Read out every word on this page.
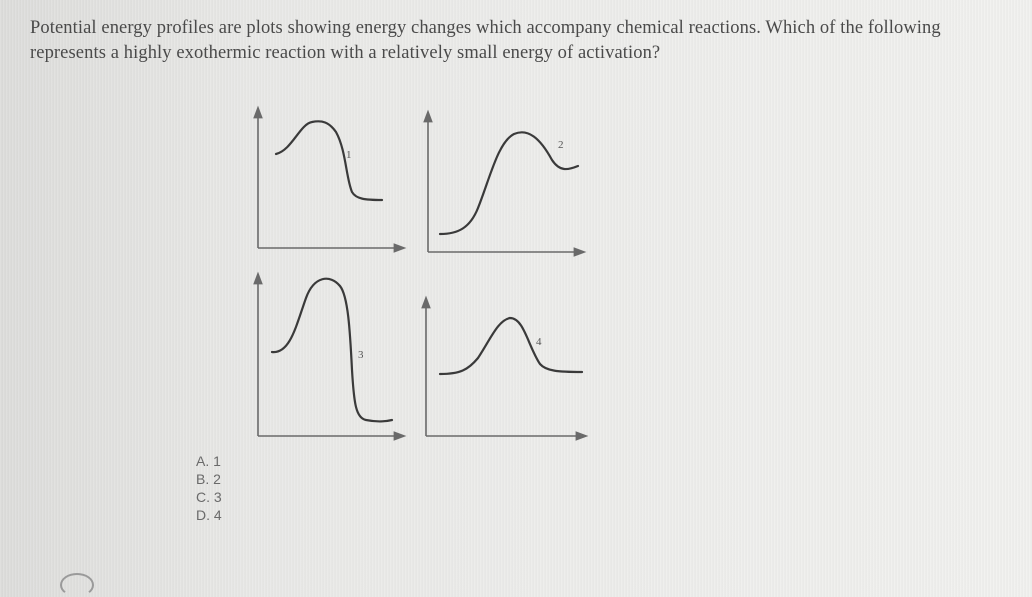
Potential energy profiles are plots showing energy changes which accompany chemical reactions. Which of the following represents a highly exothermic reaction with a relatively small energy of activation?

1
2
3
4
A. 1
B. 2
C. 3
D. 4
